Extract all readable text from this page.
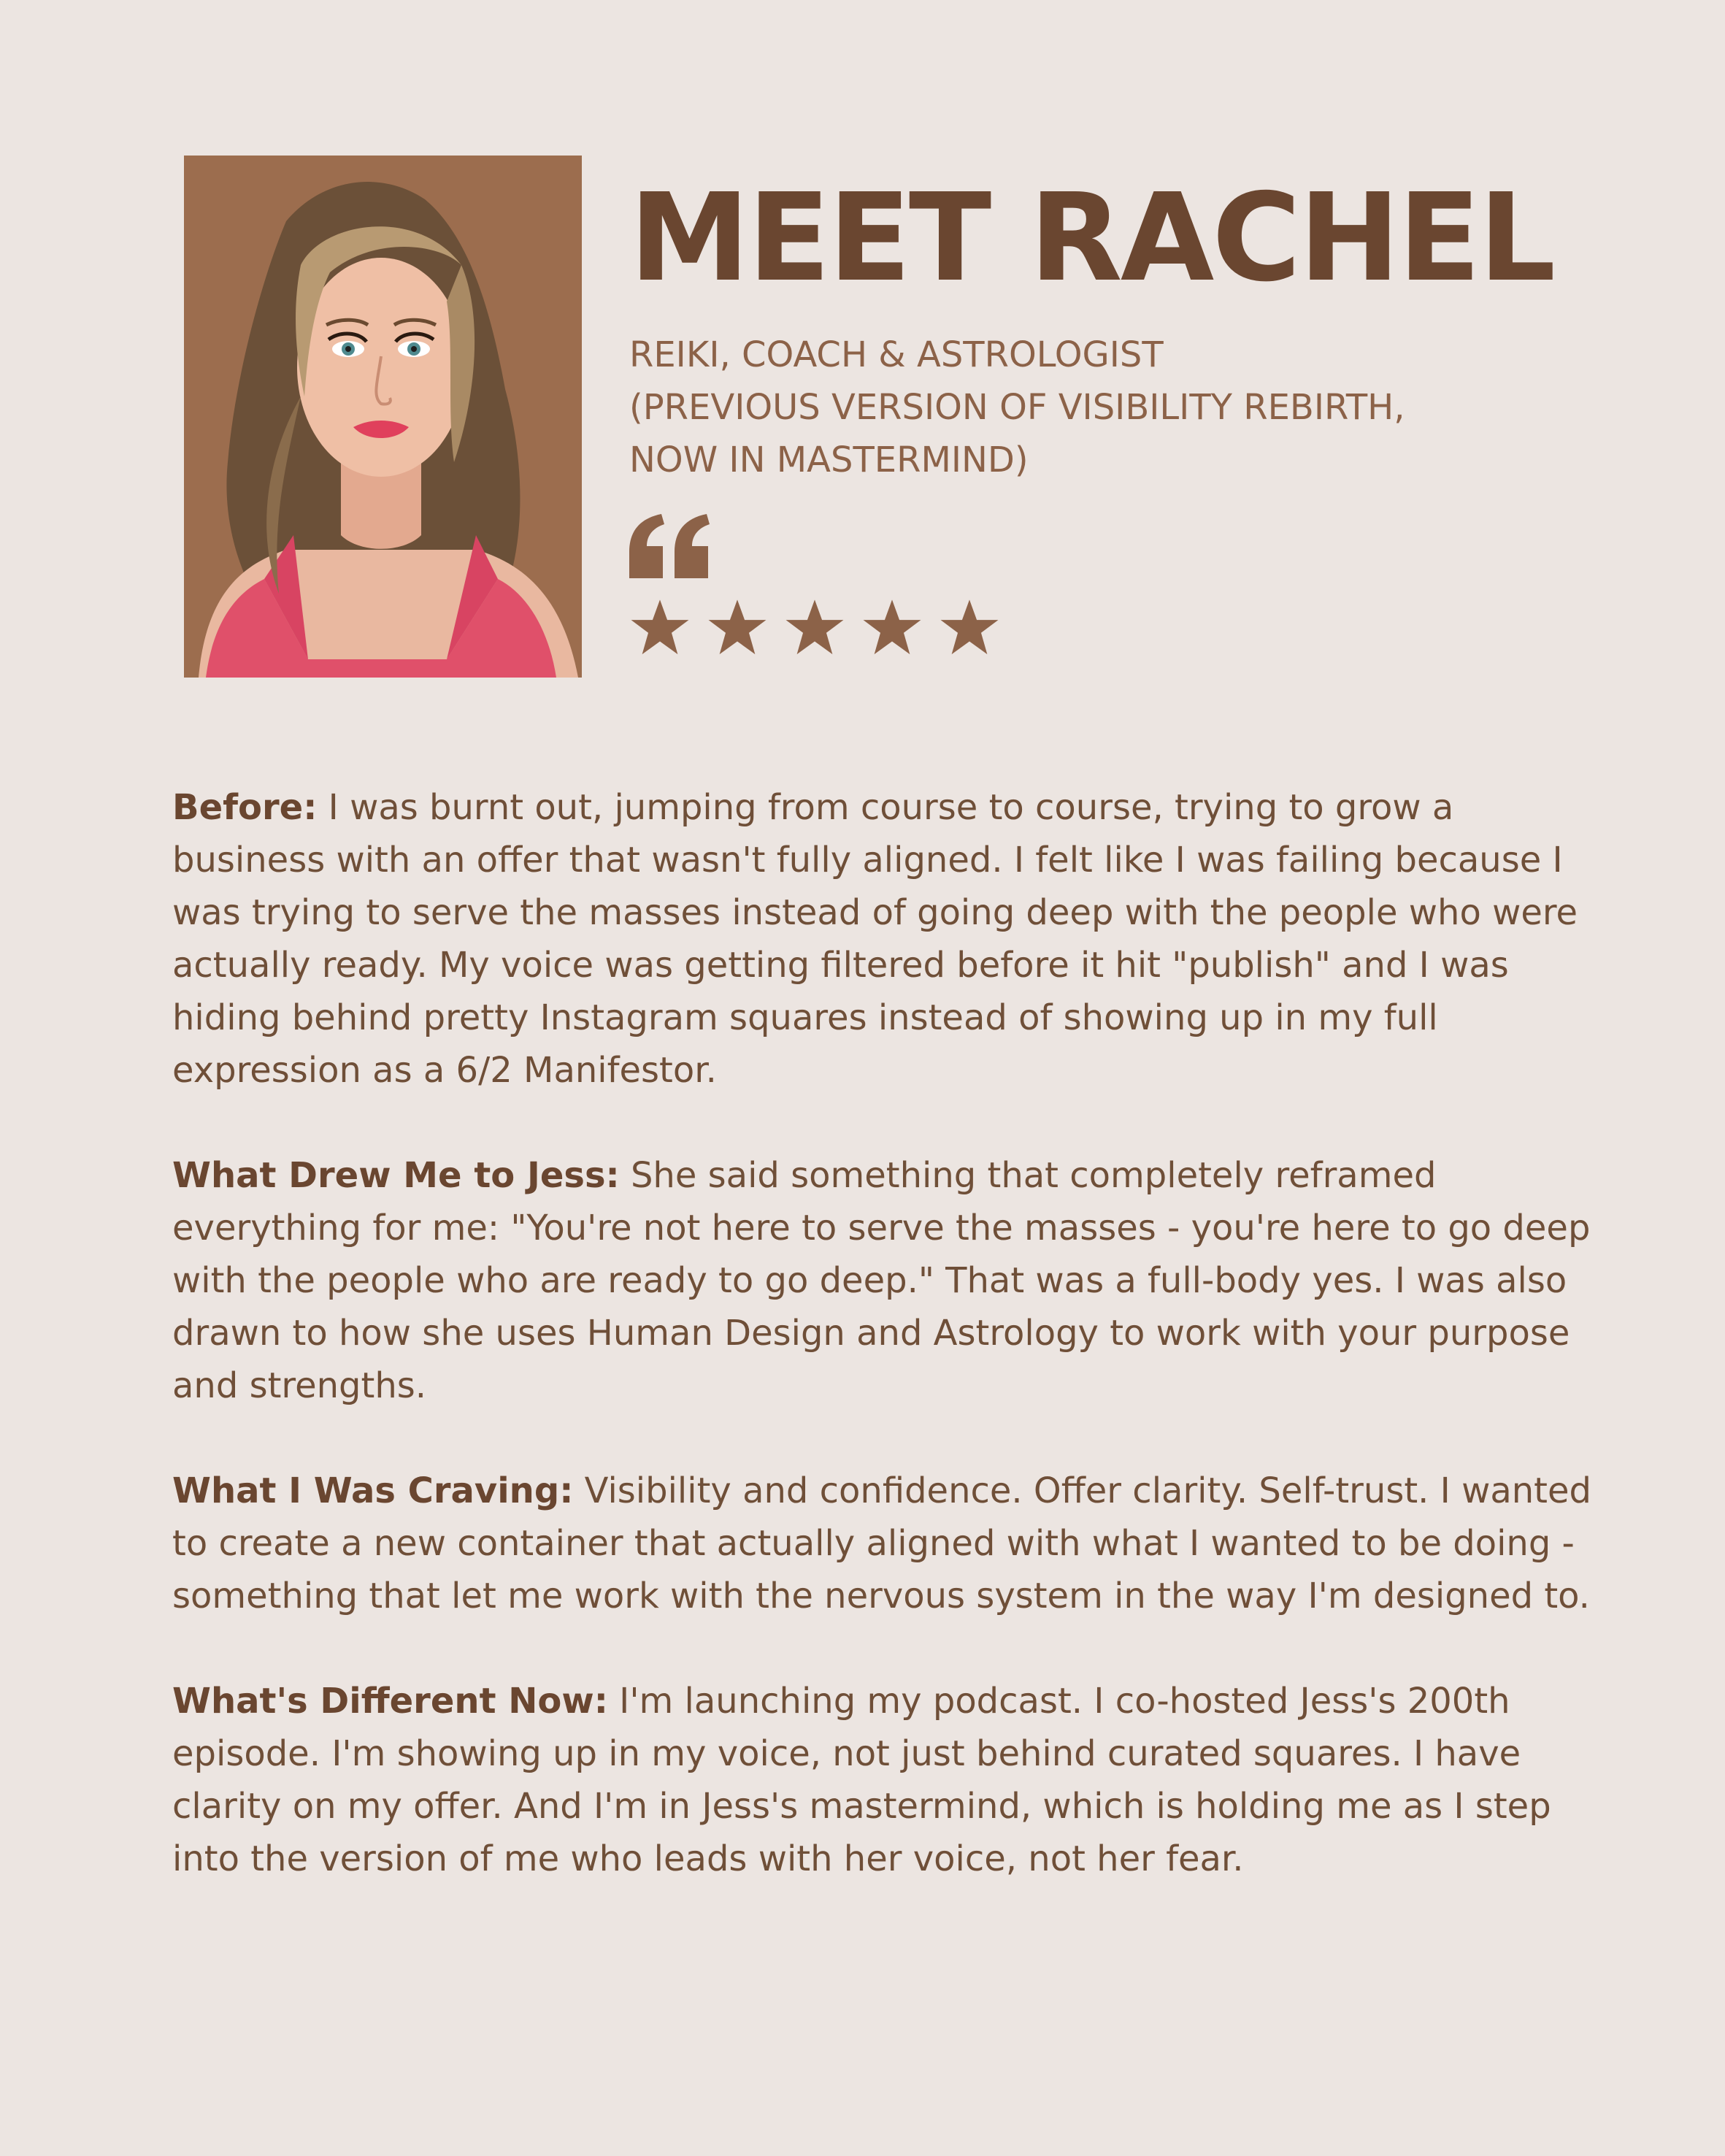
MEET RACHEL
REIKI, COACH & ASTROLOGIST
(PREVIOUS VERSION OF VISIBILITY REBIRTH,
NOW IN MASTERMIND)

Before: I was burnt out, jumping from course to course, trying to grow a business with an offer that wasn't fully aligned. I felt like I was failing because I was trying to serve the masses instead of going deep with the people who were actually ready. My voice was getting filtered before it hit "publish" and I was hiding behind pretty Instagram squares instead of showing up in my full expression as a 6/2 Manifestor.

What Drew Me to Jess: She said something that completely reframed everything for me: "You're not here to serve the masses - you're here to go deep with the people who are ready to go deep." That was a full-body yes. I was also drawn to how she uses Human Design and Astrology to work with your purpose and strengths.

What I Was Craving: Visibility and confidence. Offer clarity. Self-trust. I wanted to create a new container that actually aligned with what I wanted to be doing - something that let me work with the nervous system in the way I'm designed to.

What's Different Now: I'm launching my podcast. I co-hosted Jess's 200th episode. I'm showing up in my voice, not just behind curated squares. I have clarity on my offer. And I'm in Jess's mastermind, which is holding me as I step into the version of me who leads with her voice, not her fear.
